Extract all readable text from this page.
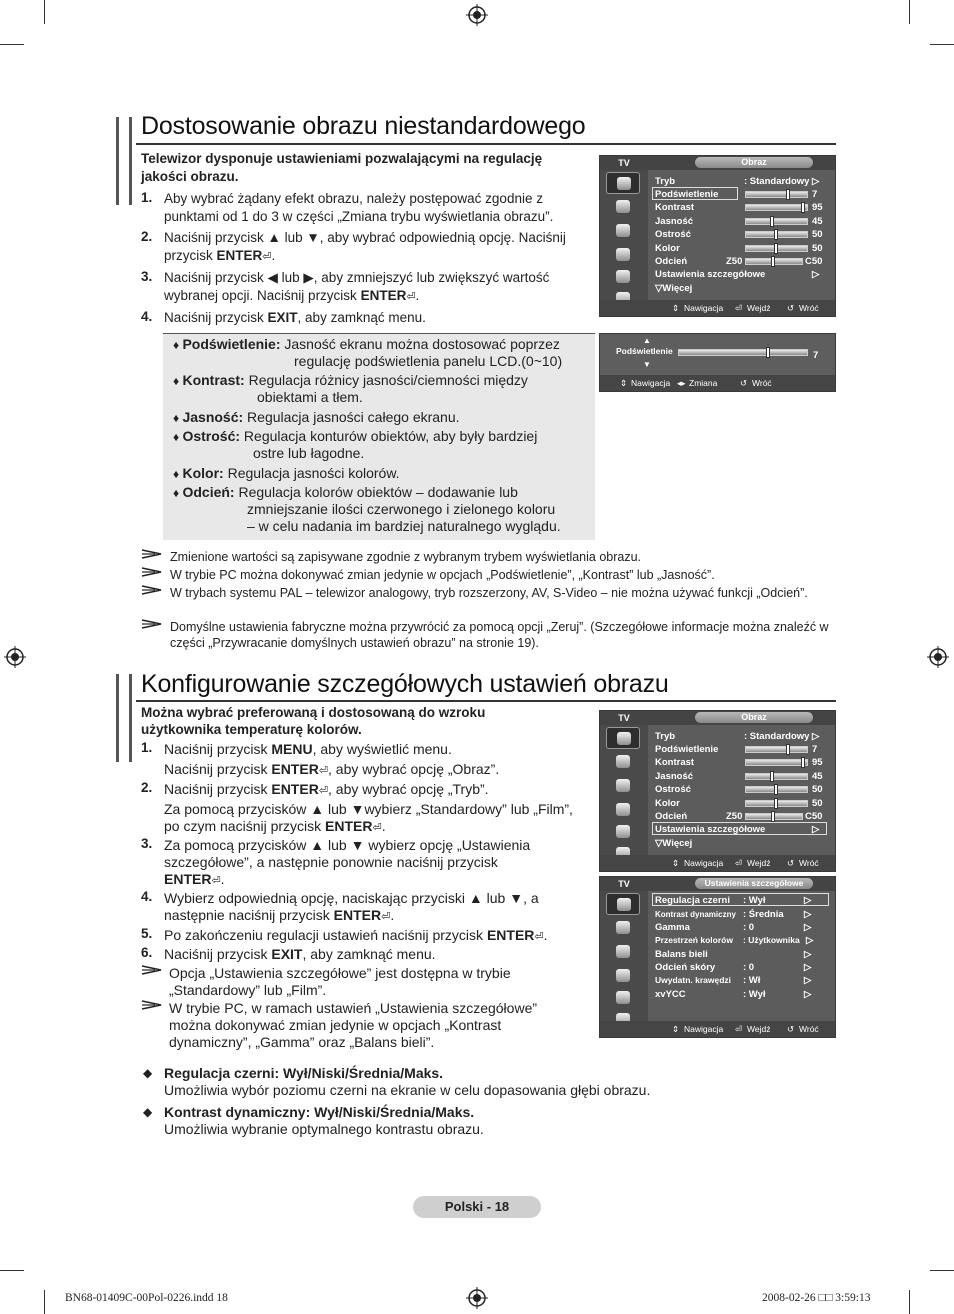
Dostosowanie obrazu niestandardowego
Telewizor dysponuje ustawieniami pozwalającymi na regulację jakości obrazu.
1. Aby wybrać żądany efekt obrazu, należy postępować zgodnie z punktami od 1 do 3 w części „Zmiana trybu wyświetlania obrazu”.
2. Naciśnij przycisk ▲ lub ▼, aby wybrać odpowiednią opcję. Naciśnij przycisk ENTER⏎.
3. Naciśnij przycisk ◀ lub ▶, aby zmniejszyć lub zwiększyć wartość wybranej opcji. Naciśnij przycisk ENTER⏎.
4. Naciśnij przycisk EXIT, aby zamknąć menu.
♦ Podświetlenie: Jasność ekranu można dostosować poprzez
regulację podświetlenia panelu LCD.(0~10)
♦ Kontrast: Regulacja różnicy jasności/ciemności między
obiektami a tłem.
♦ Jasność: Regulacja jasności całego ekranu.
♦ Ostrość: Regulacja konturów obiektów, aby były bardziej
ostre lub łagodne.
♦ Kolor: Regulacja jasności kolorów.
♦ Odcień: Regulacja kolorów obiektów – dodawanie lub
zmniejszanie ilości czerwonego i zielonego koloru
– w celu nadania im bardziej naturalnego wyglądu.
Zmienione wartości są zapisywane zgodnie z wybranym trybem wyświetlania obrazu.
W trybie PC można dokonywać zmian jedynie w opcjach „Podświetlenie”, „Kontrast” lub „Jasność”.
W trybach systemu PAL – telewizor analogowy, tryb rozszerzony, AV, S-Video – nie można używać funkcji „Odcień”.
Domyślne ustawienia fabryczne można przywrócić za pomocą opcji „Zeruj”. (Szczegółowe informacje można znaleźć w części „Przywracanie domyślnych ustawień obrazu” na stronie 19).
TV	Obraz
Tryb	: Standardowy ▷
Podświetlenie	7
Kontrast	95
Jasność	45
Ostrość	50
Kolor	50
Odcień	Z50	C50
Ustawienia szczegółowe	▷
▽Więcej
⇕ Nawigacja ⏎ Wejdź ↺ Wróć
▲
Podświetlenie	7
▼
⇕ Nawigacja ◂▸ Zmiana	↺ Wróć
Konfigurowanie szczegółowych ustawień obrazu
Można wybrać preferowaną i dostosowaną do wzroku użytkownika temperaturę kolorów.
1. Naciśnij przycisk MENU, aby wyświetlić menu.
Naciśnij przycisk ENTER⏎, aby wybrać opcję „Obraz”.
2. Naciśnij przycisk ENTER⏎, aby wybrać opcję „Tryb”.
Za pomocą przycisków ▲ lub ▼wybierz „Standardowy” lub „Film”,
po czym naciśnij przycisk ENTER⏎.
3. Za pomocą przycisków ▲ lub ▼ wybierz opcję „Ustawienia
szczegółowe”, a następnie ponownie naciśnij przycisk
ENTER⏎.
4. Wybierz odpowiednią opcję, naciskając przyciski ▲ lub ▼, a
następnie naciśnij przycisk ENTER⏎.
5. Po zakończeniu regulacji ustawień naciśnij przycisk ENTER⏎.
6. Naciśnij przycisk EXIT, aby zamknąć menu.
Opcja „Ustawienia szczegółowe” jest dostępna w trybie
„Standardowy” lub „Film”.
W trybie PC, w ramach ustawień „Ustawienia szczegółowe”
można dokonywać zmian jedynie w opcjach „Kontrast
dynamiczny”, „Gamma” oraz „Balans bieli”.
◆ Regulacja czerni: Wył/Niski/Średnia/Maks.
Umożliwia wybór poziomu czerni na ekranie w celu dopasowania głębi obrazu.
◆ Kontrast dynamiczny: Wył/Niski/Średnia/Maks.
Umożliwia wybranie optymalnego kontrastu obrazu.
TV	Obraz
Tryb	: Standardowy ▷
Podświetlenie	7
Kontrast	95
Jasność	45
Ostrość	50
Kolor	50
Odcień	Z50	C50
Ustawienia szczegółowe	▷
▽Więcej
⇕ Nawigacja ⏎ Wejdź ↺ Wróć
TV	Ustawienia szczegółowe
Regulacja czerni : Wył	▷
Kontrast dynamiczny : Średnia ▷
Gamma	: 0	▷
Przestrzeń kolorów : Użytkownika ▷
Balans bieli	▷
Odcień skóry	: 0	▷
Uwydatn. krawędzi : Wł	▷
xvYCC	: Wył	▷
⇕ Nawigacja ⏎ Wejdź ↺ Wróć
Polski - 18
BN68-01409C-00Pol-0226.indd 18	2008-02-26 □□ 3:59:13
